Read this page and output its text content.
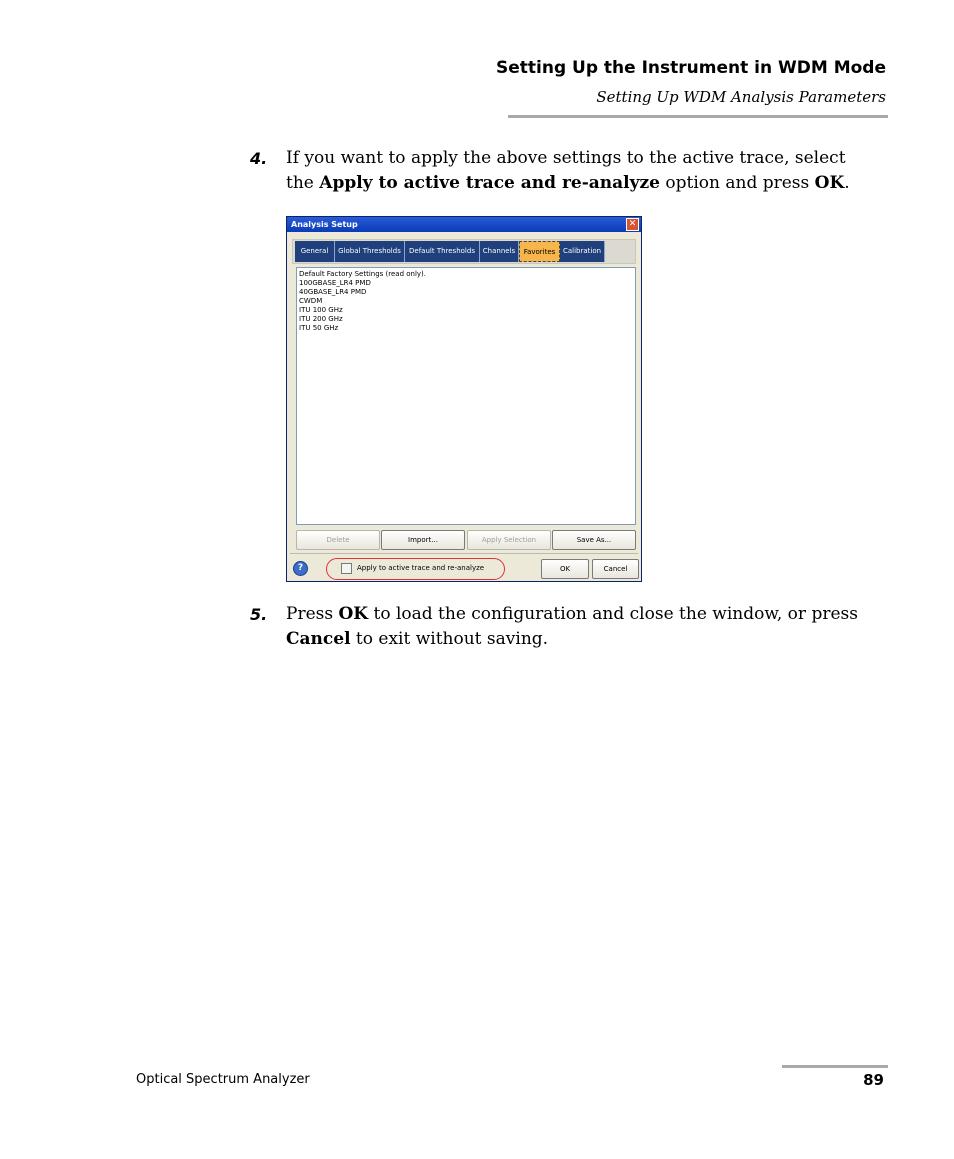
Setting Up the Instrument in WDM Mode
Setting Up WDM Analysis Parameters
4. If you want to apply the above settings to the active trace, select the Apply to active trace and re-analyze option and press OK.
Analysis Setup	✕
General	Global Thresholds	Default Thresholds	Channels	Favorites	Calibration
Default Factory Settings (read only).
100GBASE_LR4 PMD
40GBASE_LR4 PMD
CWDM
ITU 100 GHz
ITU 200 GHz
ITU 50 GHz
Delete	Import...	Apply Selection	Save As...
?	Apply to active trace and re-analyze	OK	Cancel
5. Press OK to load the configuration and close the window, or press Cancel to exit without saving.
Optical Spectrum Analyzer	89
